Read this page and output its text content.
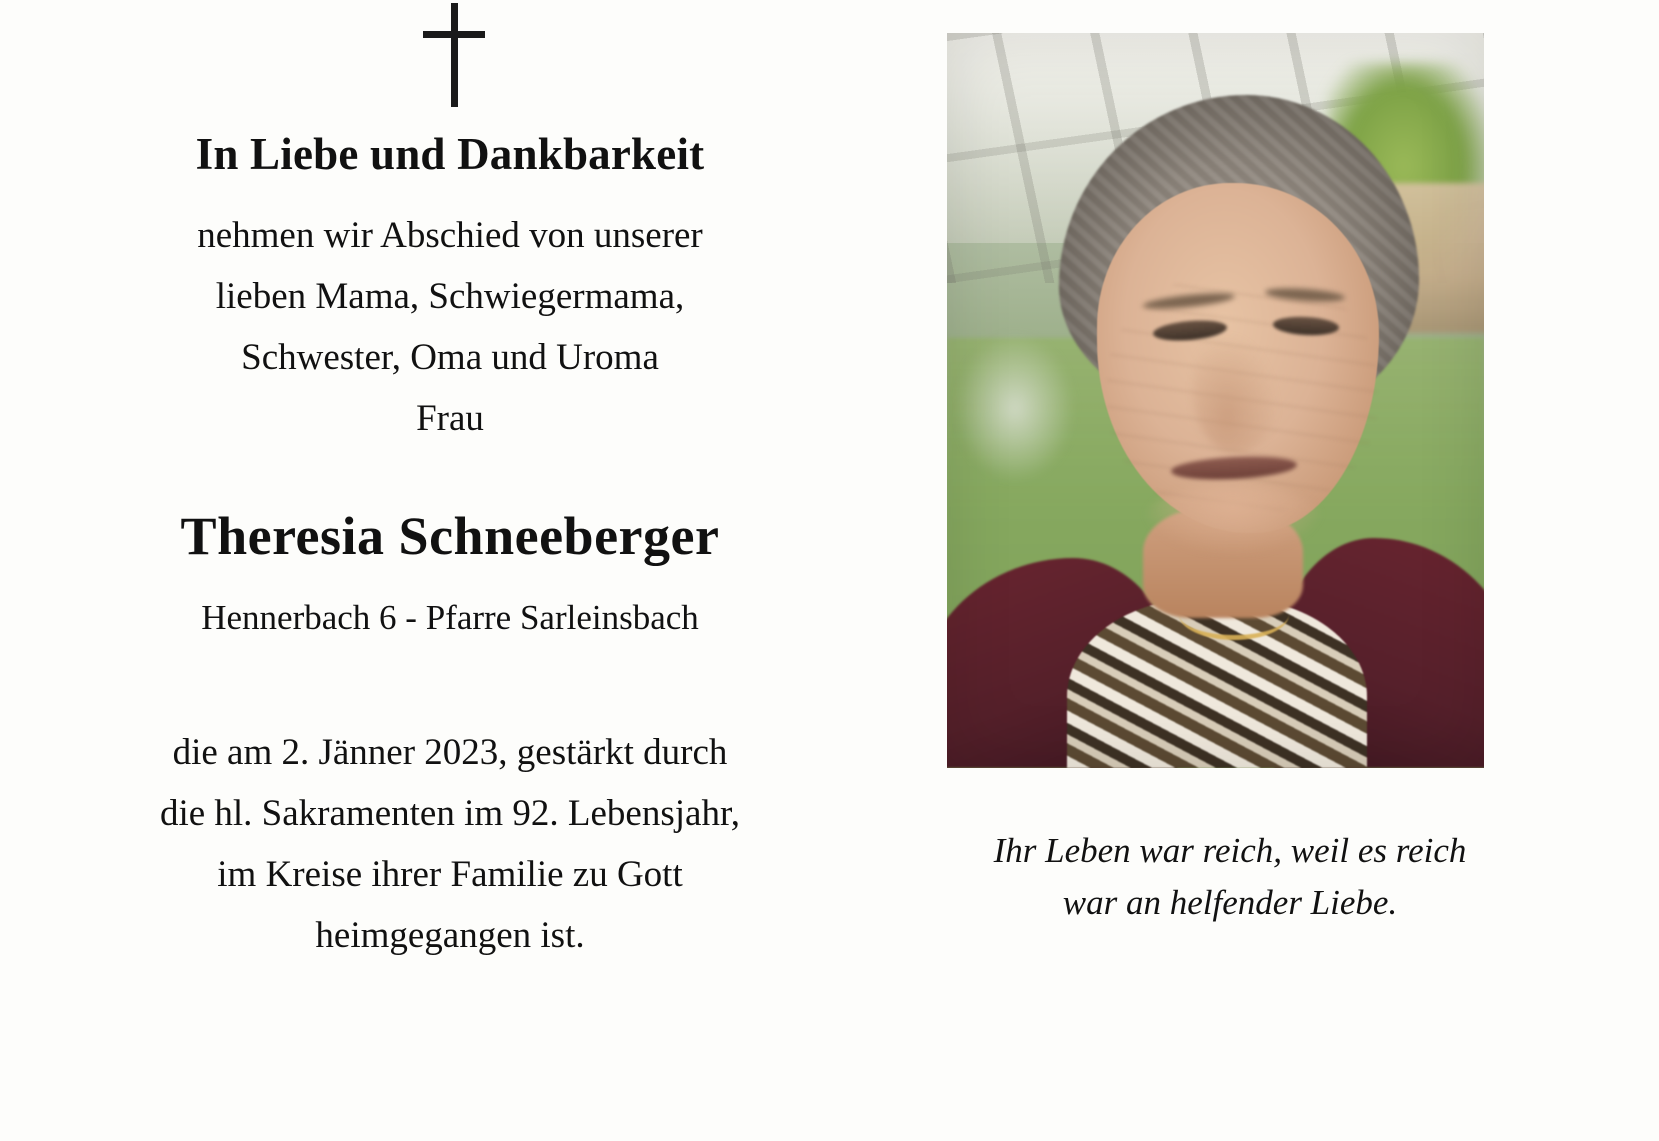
In Liebe und Dankbarkeit
nehmen wir Abschied von unserer
lieben Mama, Schwiegermama,
Schwester, Oma und Uroma
Frau
Theresia Schneeberger
Hennerbach 6 - Pfarre Sarleinsbach
die am 2. Jänner 2023, gestärkt durch
die hl. Sakramenten im 92. Lebensjahr,
im Kreise ihrer Familie zu Gott
heimgegangen ist.
Ihr Leben war reich, weil es reich
war an helfender Liebe.
